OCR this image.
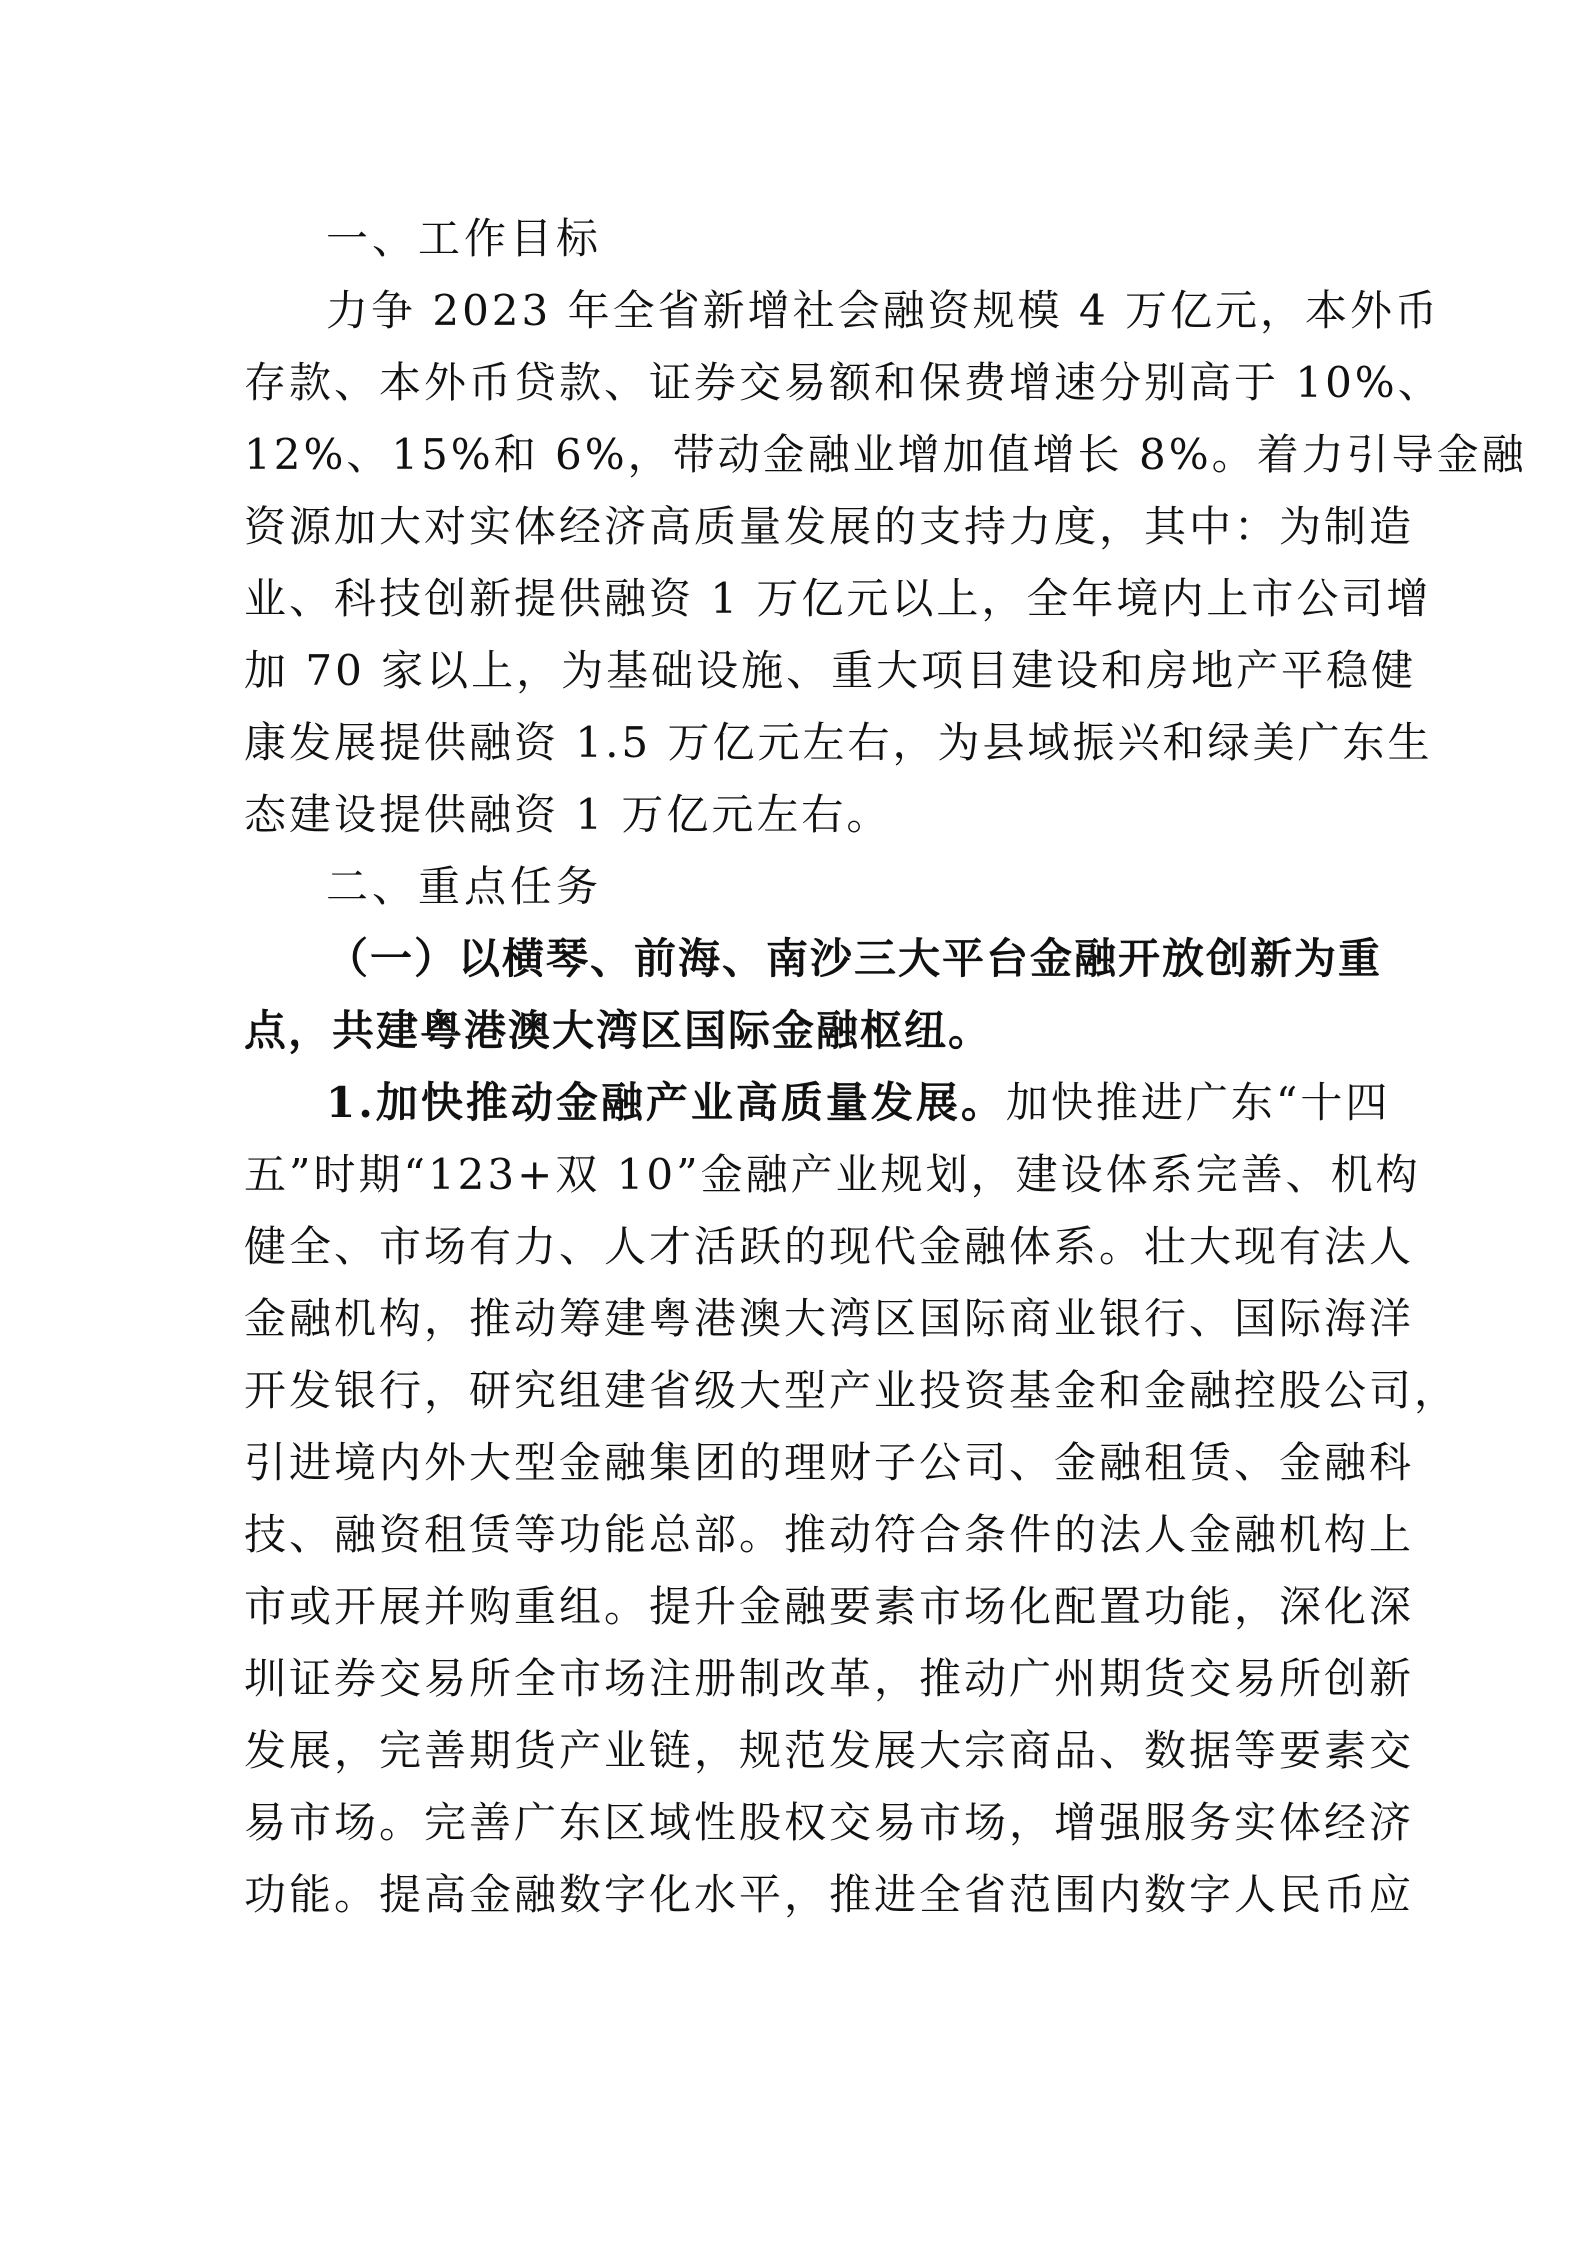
一、工作目标
力争 2023 年全省新增社会融资规模 4 万亿元，本外币
存款、本外币贷款、证券交易额和保费增速分别高于 10%、
12%、15%和 6%，带动金融业增加值增长 8%。着力引导金融
资源加大对实体经济高质量发展的支持力度，其中：为制造
业、科技创新提供融资 1 万亿元以上，全年境内上市公司增
加 70 家以上，为基础设施、重大项目建设和房地产平稳健
康发展提供融资 1.5 万亿元左右，为县域振兴和绿美广东生
态建设提供融资 1 万亿元左右。
二、重点任务
（一）以横琴、前海、南沙三大平台金融开放创新为重
点，共建粤港澳大湾区国际金融枢纽。
1.加快推动金融产业高质量发展。加快推进广东“十四
五”时期“123+双 10”金融产业规划，建设体系完善、机构
健全、市场有力、人才活跃的现代金融体系。壮大现有法人
金融机构，推动筹建粤港澳大湾区国际商业银行、国际海洋
开发银行，研究组建省级大型产业投资基金和金融控股公司，
引进境内外大型金融集团的理财子公司、金融租赁、金融科
技、融资租赁等功能总部。推动符合条件的法人金融机构上
市或开展并购重组。提升金融要素市场化配置功能，深化深
圳证券交易所全市场注册制改革，推动广州期货交易所创新
发展，完善期货产业链，规范发展大宗商品、数据等要素交
易市场。完善广东区域性股权交易市场，增强服务实体经济
功能。提高金融数字化水平，推进全省范围内数字人民币应
